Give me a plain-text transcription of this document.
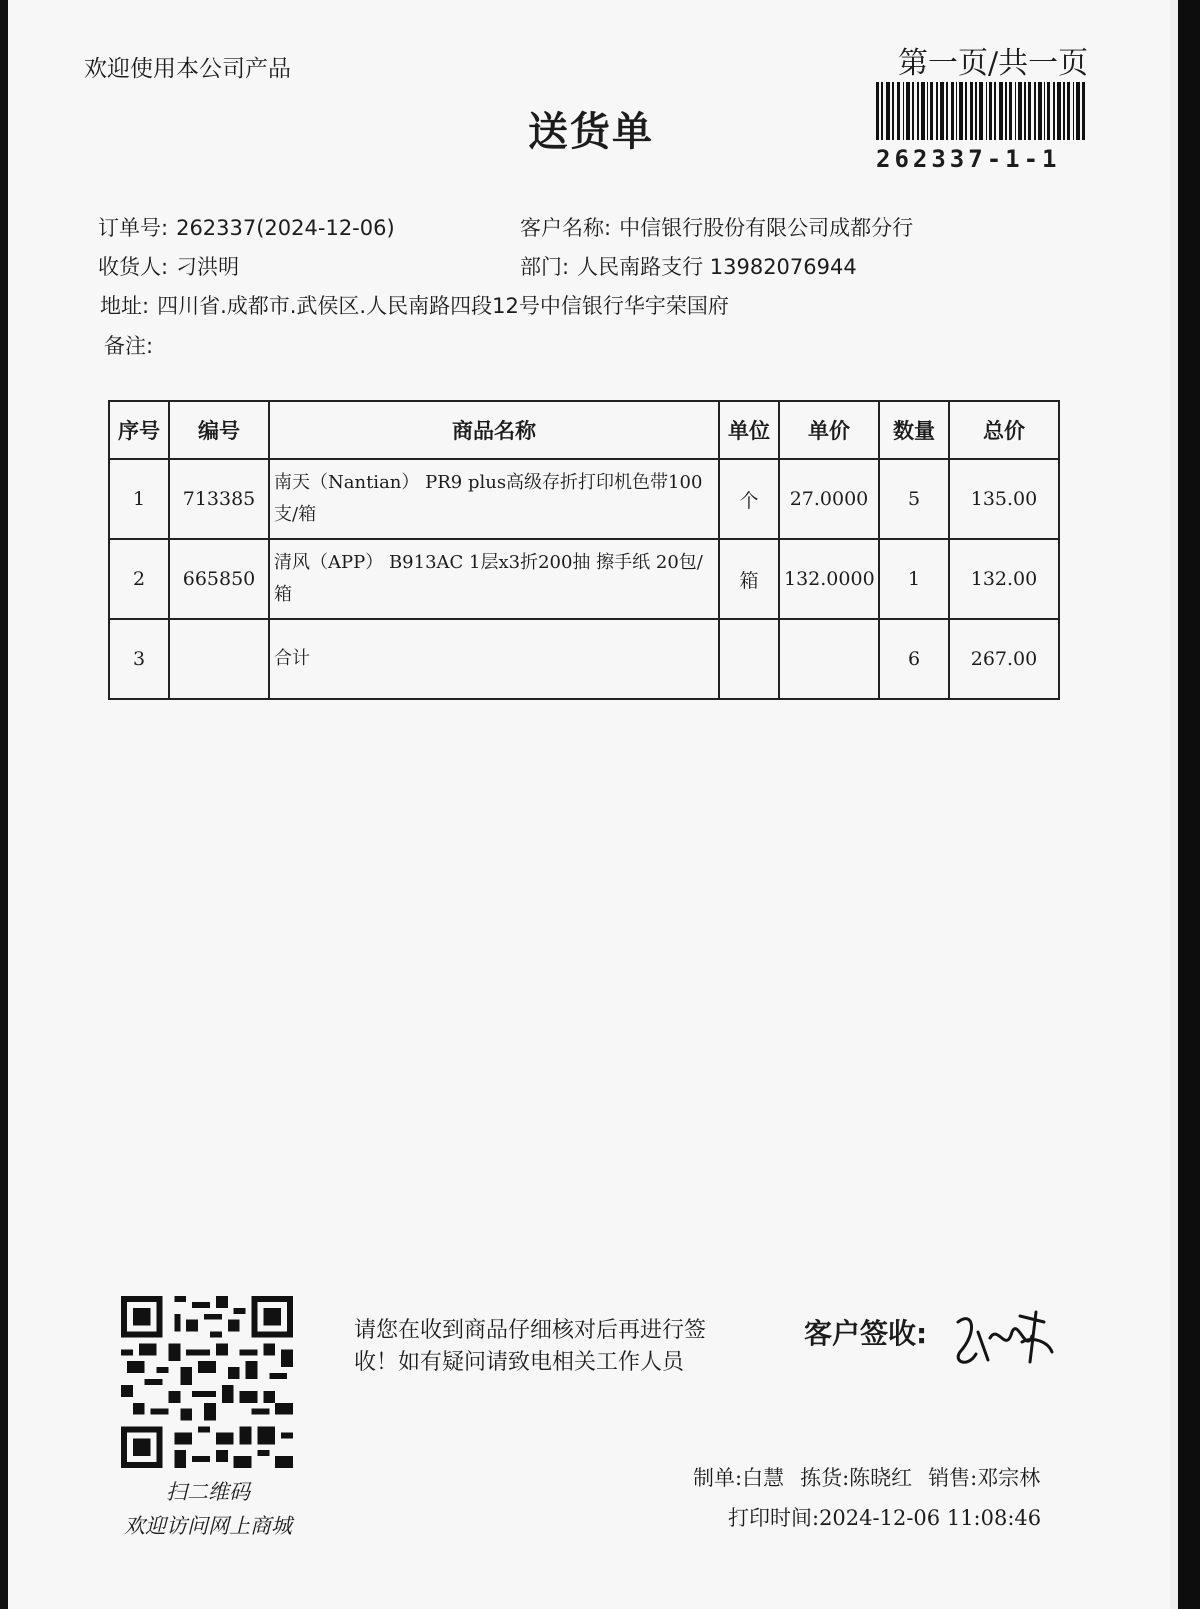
欢迎使用本公司产品	第一页/共一页
送货单
262337-1-1
订单号: 262337(2024-12-06)	客户名称: 中信银行股份有限公司成都分行
收货人: 刁洪明	部门: 人民南路支行 13982076944
地址: 四川省.成都市.武侯区.人民南路四段12号中信银行华宇荣国府
备注:
序号	编号	商品名称	单位	单价	数量	总价
1	713385	南天（Nantian） PR9 plus高级存折打印机色带100支/箱	个	27.0000	5	135.00
2	665850	清风（APP） B913AC 1层x3折200抽 擦手纸 20包/箱	箱	132.0000	1	132.00
3		合计			6	267.00
扫二维码
欢迎访问网上商城
请您在收到商品仔细核对后再进行签收！如有疑问请致电相关工作人员
客户签收:
制单:白慧 拣货:陈晓红 销售:邓宗林
打印时间:2024-12-06 11:08:46
